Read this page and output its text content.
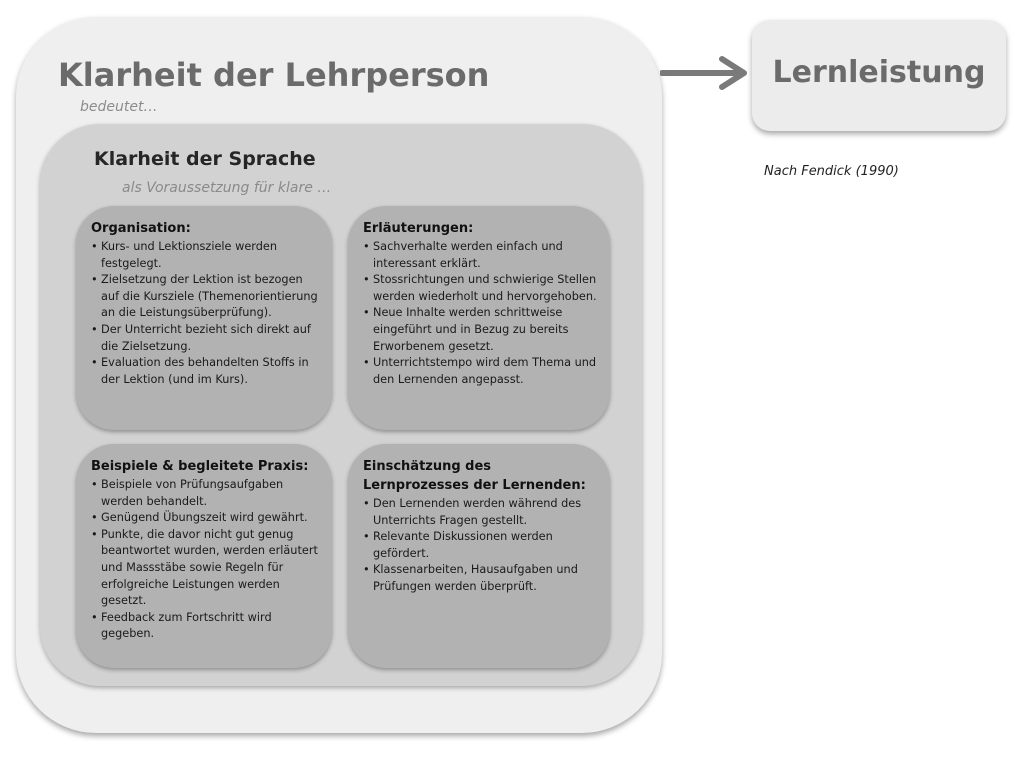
Klarheit der Lehrperson
bedeutet…
Klarheit der Sprache
als Voraussetzung für klare …
Organisation:
• Kurs- und Lektionsziele werden festgelegt.
• Zielsetzung der Lektion ist bezogen auf die Kursziele (Themenorientierung an die Leistungsüberprüfung).
• Der Unterricht bezieht sich direkt auf die Zielsetzung.
• Evaluation des behandelten Stoffs in der Lektion (und im Kurs).
Erläuterungen:
• Sachverhalte werden einfach und interessant erklärt.
• Stossrichtungen und schwierige Stellen werden wiederholt und hervorgehoben.
• Neue Inhalte werden schrittweise eingeführt und in Bezug zu bereits Erworbenem gesetzt.
• Unterrichtstempo wird dem Thema und den Lernenden angepasst.
Beispiele & begleitete Praxis:
• Beispiele von Prüfungsaufgaben werden behandelt.
• Genügend Übungszeit wird gewährt.
• Punkte, die davor nicht gut genug beantwortet wurden, werden erläutert und Massstäbe sowie Regeln für erfolgreiche Leistungen werden gesetzt.
• Feedback zum Fortschritt wird gegeben.
Einschätzung des Lernprozesses der Lernenden:
• Den Lernenden werden während des Unterrichts Fragen gestellt.
• Relevante Diskussionen werden gefördert.
• Klassenarbeiten, Hausaufgaben und Prüfungen werden überprüft.
Lernleistung
Nach Fendick (1990)
